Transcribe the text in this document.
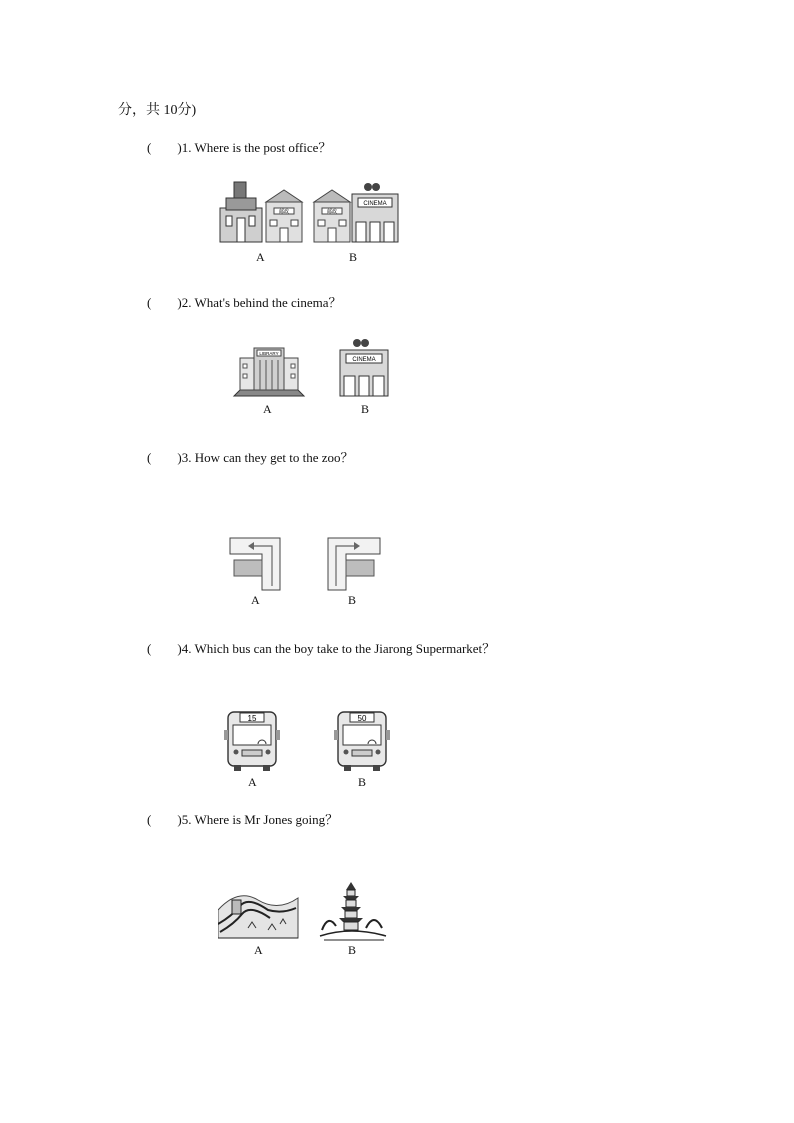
分，共 10分)
( )1. Where is the post office？
邮政	邮政
CINEMA
A	B
( )2. What's behind the cinema？
LIBRARY
CINEMA
A	B
( )3. How can they get to the zoo？
A	B
( )4. Which bus can the boy take to the Jiarong Supermarket？
15	50
A	B
( )5. Where is Mr Jones going？
A	B
